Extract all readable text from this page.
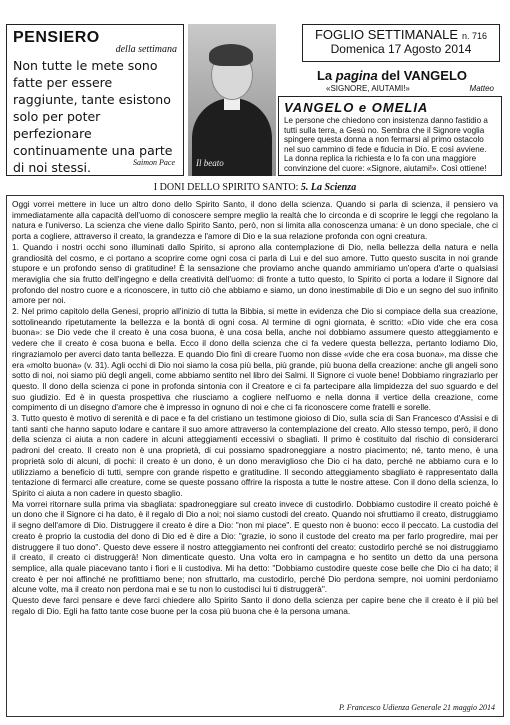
PENSIERO
della settimana
Non tutte le mete sono fatte per essere raggiunte, tante esistono solo per poter perfezionare continuamente una parte di noi stessi.	Saimon Pace Il beato
FOGLIO SETTIMANALE n. 716
Domenica 17 Agosto 2014
La pagina del VANGELO
«SIGNORE, AIUTAMI!»	Matteo
VANGELO e OMELIA
Le persone che chiedono con insistenza danno fastidio a tutti sulla terra, a Gesù no. Sembra che il Signore voglia spingere questa donna a non fermarsi al primo ostacolo nel suo cammino di fede e fiducia in Dio. E così avviene. La donna replica la richiesta e lo fa con una maggiore convinzione del cuore: «Signore, aiutami!». Così ottiene!
I DONI DELLO SPIRITO SANTO: 5. La Scienza

Oggi vorrei mettere in luce un altro dono dello Spirito Santo, il dono della scienza. Quando si parla di scienza, il pensiero va immediatamente alla capacità dell'uomo di conoscere sempre meglio la realtà che lo circonda e di scoprire le leggi che regolano la natura e l'universo. La scienza che viene dallo Spirito Santo, però, non si limita alla conoscenza umana: è un dono speciale, che ci porta a cogliere, attraverso il creato, la grandezza e l'amore di Dio e la sua relazione profonda con ogni creatura.

1. Quando i nostri occhi sono illuminati dallo Spirito, si aprono alla contemplazione di Dio, nella bellezza della natura e nella grandiosità del cosmo, e ci portano a scoprire come ogni cosa ci parla di Lui e del suo amore. Tutto questo suscita in noi grande stupore e un profondo senso di gratitudine! È la sensazione che proviamo anche quando ammiriamo un'opera d'arte o qualsiasi meraviglia che sia frutto dell'ingegno e della creatività dell'uomo: di fronte a tutto questo, lo Spirito ci porta a lodare il Signore dal profondo del nostro cuore e a riconoscere, in tutto ciò che abbiamo e siamo, un dono inestimabile di Dio e un segno del suo infinito amore per noi.

2. Nel primo capitolo della Genesi, proprio all'inizio di tutta la Bibbia, si mette in evidenza che Dio si compiace della sua creazione, sottolineando ripetutamente la bellezza e la bontà di ogni cosa. Al termine di ogni giornata, è scritto: «Dio vide che era cosa buona»: se Dio vede che il creato è una cosa buona, è una cosa bella, anche noi dobbiamo assumere questo atteggiamento e vedere che il creato è cosa buona e bella. Ecco il dono della scienza che ci fa vedere questa bellezza, pertanto lodiamo Dio, ringraziamolo per averci dato tanta bellezza. E quando Dio finì di creare l'uomo non disse «vide che era cosa buona», ma disse che era «molto buona» (v. 31). Agli occhi di Dio noi siamo la cosa più bella, più grande, più buona della creazione: anche gli angeli sono sotto di noi, noi siamo più degli angeli, come abbiamo sentito nel libro dei Salmi. Il Signore ci vuole bene! Dobbiamo ringraziarlo per questo. Il dono della scienza ci pone in profonda sintonia con il Creatore e ci fa partecipare alla limpidezza del suo sguardo e del suo giudizio. Ed è in questa prospettiva che riusciamo a cogliere nell'uomo e nella donna il vertice della creazione, come compimento di un disegno d'amore che è impresso in ognuno di noi e che ci fa riconoscere come fratelli e sorelle.

3. Tutto questo è motivo di serenità e di pace e fa del cristiano un testimone gioioso di Dio, sulla scia di San Francesco d'Assisi e di tanti santi che hanno saputo lodare e cantare il suo amore attraverso la contemplazione del creato. Allo stesso tempo, però, il dono della scienza ci aiuta a non cadere in alcuni atteggiamenti eccessivi o sbagliati. Il primo è costituito dal rischio di considerarci padroni del creato. Il creato non è una proprietà, di cui possiamo spadroneggiare a nostro piacimento; né, tanto meno, è una proprietà solo di alcuni, di pochi: il creato è un dono, è un dono meraviglioso che Dio ci ha dato, perché ne abbiamo cura e lo utilizziamo a beneficio di tutti, sempre con grande rispetto e gratitudine. Il secondo atteggiamento sbagliato è rappresentato dalla tentazione di fermarci alle creature, come se queste possano offrire la risposta a tutte le nostre attese. Con il dono della scienza, lo Spirito ci aiuta a non cadere in questo sbaglio.

Ma vorrei ritornare sulla prima via sbagliata: spadroneggiare sul creato invece di custodirlo. Dobbiamo custodire il creato poiché è un dono che il Signore ci ha dato, è il regalo di Dio a noi; noi siamo custodi del creato. Quando noi sfruttiamo il creato, distruggiamo il segno dell'amore di Dio. Distruggere il creato è dire a Dio: "non mi piace". E questo non è buono: ecco il peccato. La custodia del creato è proprio la custodia del dono di Dio ed è dire a Dio: "grazie, io sono il custode del creato ma per farlo progredire, mai per distruggere il tuo dono". Questo deve essere il nostro atteggiamento nei confronti del creato: custodirlo perché se noi distruggiamo il creato, il creato ci distruggerà! Non dimenticate questo. Una volta ero in campagna e ho sentito un detto da una persona semplice, alla quale piacevano tanto i fiori e li custodiva. Mi ha detto: "Dobbiamo custodire queste cose belle che Dio ci ha dato; il creato è per noi affinché ne profittiamo bene; non sfruttarlo, ma custodirlo, perché Dio perdona sempre, noi uomini perdoniamo alcune volte, ma il creato non perdona mai e se tu non lo custodisci lui ti distruggerà".

Questo deve farci pensare e deve farci chiedere allo Spirito Santo il dono della scienza per capire bene che il creato è il più bel regalo di Dio. Egli ha fatto tante cose buone per la cosa più buona che è la persona umana.

P. Francesco Udienza Generale 21 maggio 2014
